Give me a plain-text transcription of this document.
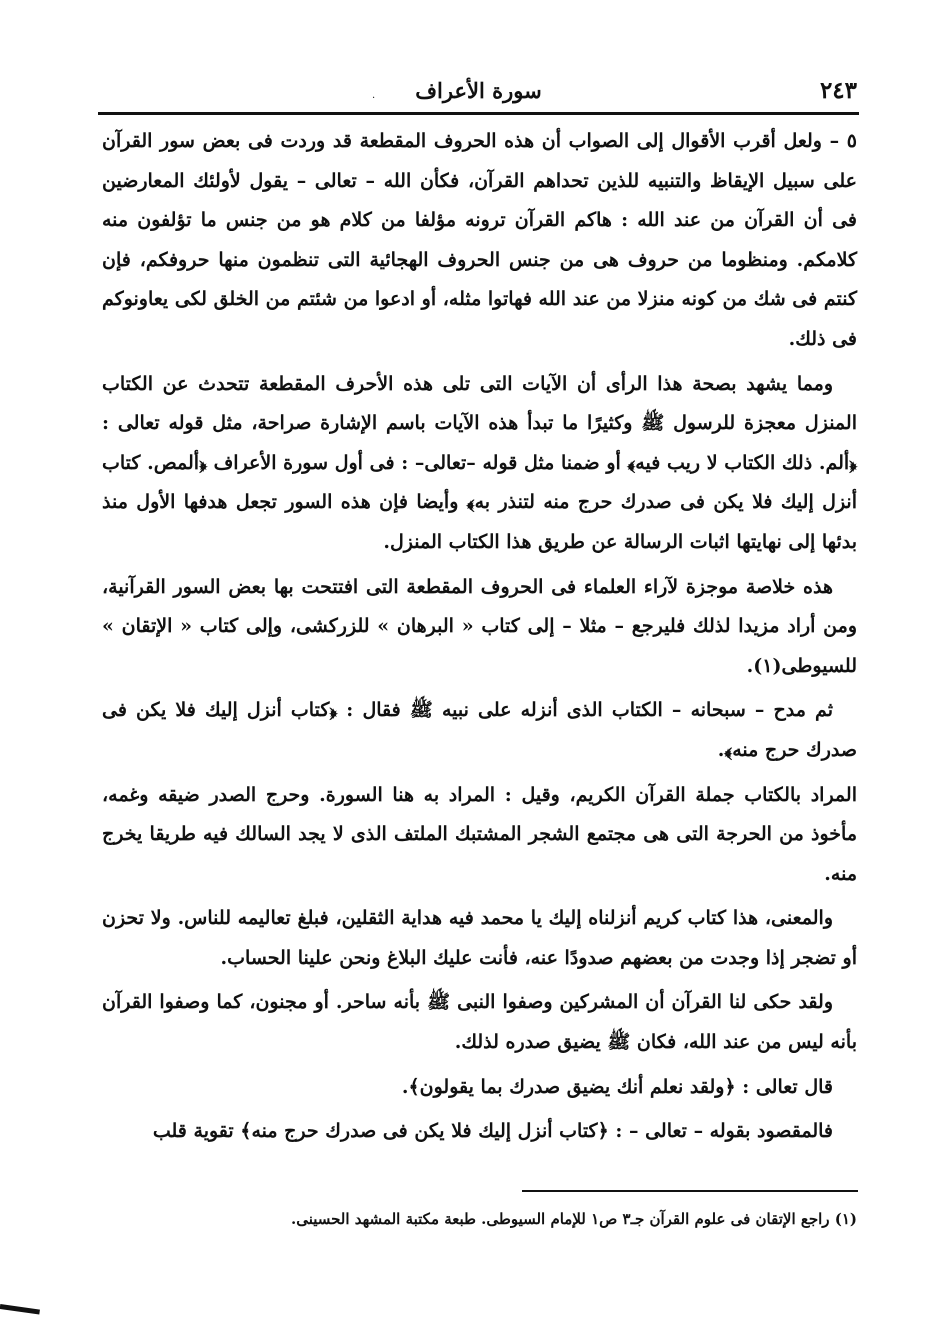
٢٤٣
سورة الأعراف
.

٥ – ولعل أقرب الأقوال إلى الصواب أن هذه الحروف المقطعة قد وردت فى بعض سور القرآن على سبيل الإيقاظ والتنبيه للذين تحداهم القرآن، فكأن الله – تعالى – يقول لأولئك المعارضين فى أن القرآن من عند الله : هاكم القرآن ترونه مؤلفا من كلام هو من جنس ما تؤلفون منه كلامكم. ومنظوما من حروف هى من جنس الحروف الهجائية التى تنظمون منها حروفكم، فإن كنتم فى شك من كونه منزلا من عند الله فهاتوا مثله، أو ادعوا من شئتم من الخلق لكى يعاونوكم فى ذلك.

ومما يشهد بصحة هذا الرأى أن الآيات التى تلى هذه الأحرف المقطعة تتحدث عن الكتاب المنزل معجزة للرسول ﷺ وكثيرًا ما تبدأ هذه الآيات باسم الإشارة صراحة، مثل قوله تعالى : ﴿ألم. ذلك الكتاب لا ريب فيه﴾ أو ضمنا مثل قوله –تعالى– : فى أول سورة الأعراف ﴿ألمص. كتاب أنزل إليك فلا يكن فى صدرك حرج منه لتنذر به﴾ وأيضا فإن هذه السور تجعل هدفها الأول منذ بدئها إلى نهايتها اثبات الرسالة عن طريق هذا الكتاب المنزل.

هذه خلاصة موجزة لآراء العلماء فى الحروف المقطعة التى افتتحت بها بعض السور القرآنية، ومن أراد مزيدا لذلك فليرجع – مثلا – إلى كتاب « البرهان » للزركشى، وإلى كتاب « الإتقان » للسيوطى(١).

ثم مدح – سبحانه – الكتاب الذى أنزله على نبيه ﷺ فقال : ﴿كتاب أنزل إليك فلا يكن فى صدرك حرج منه﴾.

المراد بالكتاب جملة القرآن الكريم، وقيل : المراد به هنا السورة. وحرج الصدر ضيقه وغمه، مأخوذ من الحرجة التى هى مجتمع الشجر المشتبك الملتف الذى لا يجد السالك فيه طريقا يخرج منه.

والمعنى، هذا كتاب كريم أنزلناه إليك يا محمد فيه هداية الثقلين، فبلغ تعاليمه للناس. ولا تحزن أو تضجر إذا وجدت من بعضهم صدودًا عنه، فأنت عليك البلاغ ونحن علينا الحساب.

ولقد حكى لنا القرآن أن المشركين وصفوا النبى ﷺ بأنه ساحر. أو مجنون، كما وصفوا القرآن بأنه ليس من عند الله، فكان ﷺ يضيق صدره لذلك.

قال تعالى : ﴿ولقد نعلم أنك يضيق صدرك بما يقولون﴾.

فالمقصود بقوله – تعالى – : ﴿كتاب أنزل إليك فلا يكن فى صدرك حرج منه﴾ تقوية قلب

(١) راجع الإتقان فى علوم القرآن جـ٣ ص١ للإمام السيوطى. طبعة مكتبة المشهد الحسينى.
